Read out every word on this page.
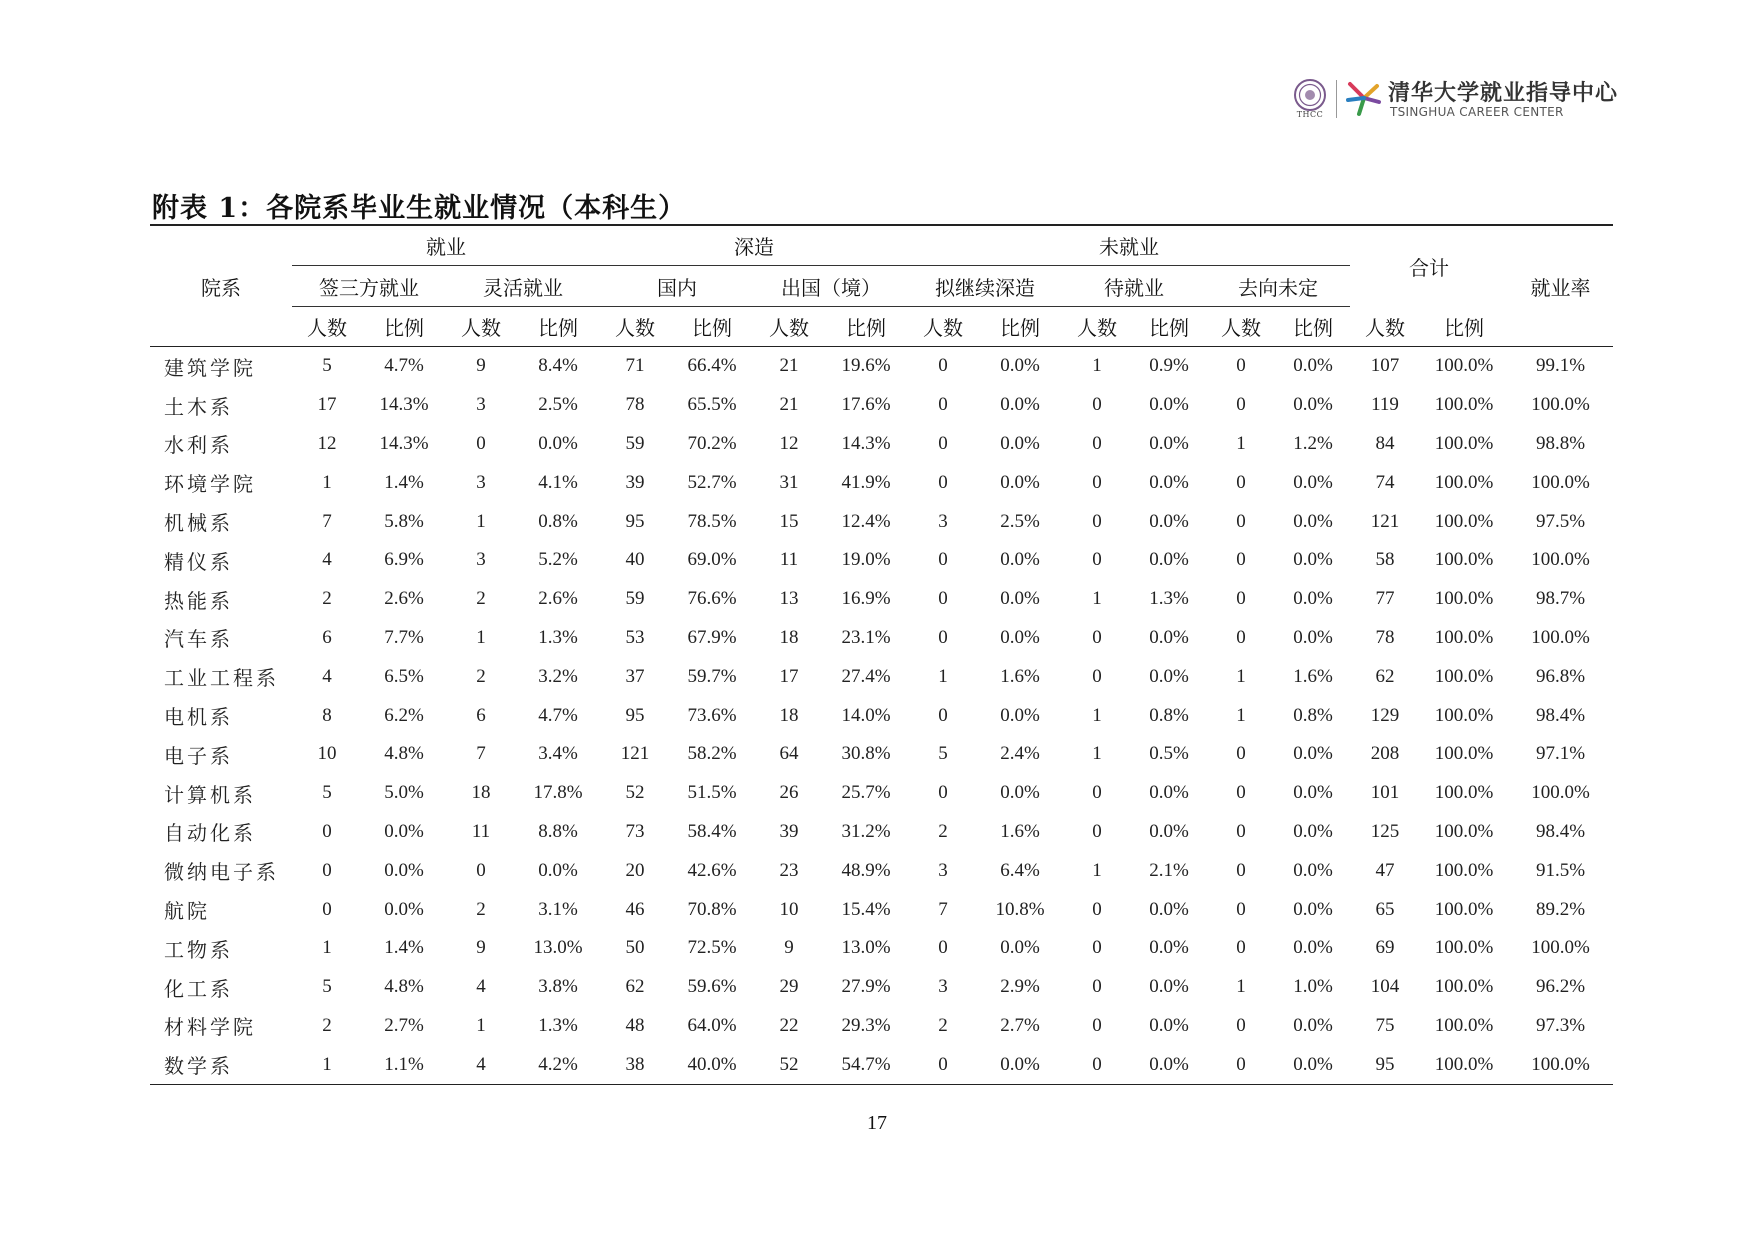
THCC
清华大学就业指导中心
TSINGHUA CAREER CENTER
附表 1：各院系毕业生就业情况（本科生）
院系	就业				深造				未就业						合计		就业率
	签三方就业		灵活就业		国内		出国（境）		拟继续深造		待就业		去向未定				
	人数	比例	人数	比例	人数	比例	人数	比例	人数	比例	人数	比例	人数	比例	人数	比例	
建筑学院	5	4.7%	9	8.4%	71	66.4%	21	19.6%	0	0.0%	1	0.9%	0	0.0%	107	100.0%	99.1%
土木系	17	14.3%	3	2.5%	78	65.5%	21	17.6%	0	0.0%	0	0.0%	0	0.0%	119	100.0%	100.0%
水利系	12	14.3%	0	0.0%	59	70.2%	12	14.3%	0	0.0%	0	0.0%	1	1.2%	84	100.0%	98.8%
环境学院	1	1.4%	3	4.1%	39	52.7%	31	41.9%	0	0.0%	0	0.0%	0	0.0%	74	100.0%	100.0%
机械系	7	5.8%	1	0.8%	95	78.5%	15	12.4%	3	2.5%	0	0.0%	0	0.0%	121	100.0%	97.5%
精仪系	4	6.9%	3	5.2%	40	69.0%	11	19.0%	0	0.0%	0	0.0%	0	0.0%	58	100.0%	100.0%
热能系	2	2.6%	2	2.6%	59	76.6%	13	16.9%	0	0.0%	1	1.3%	0	0.0%	77	100.0%	98.7%
汽车系	6	7.7%	1	1.3%	53	67.9%	18	23.1%	0	0.0%	0	0.0%	0	0.0%	78	100.0%	100.0%
工业工程系	4	6.5%	2	3.2%	37	59.7%	17	27.4%	1	1.6%	0	0.0%	1	1.6%	62	100.0%	96.8%
电机系	8	6.2%	6	4.7%	95	73.6%	18	14.0%	0	0.0%	1	0.8%	1	0.8%	129	100.0%	98.4%
电子系	10	4.8%	7	3.4%	121	58.2%	64	30.8%	5	2.4%	1	0.5%	0	0.0%	208	100.0%	97.1%
计算机系	5	5.0%	18	17.8%	52	51.5%	26	25.7%	0	0.0%	0	0.0%	0	0.0%	101	100.0%	100.0%
自动化系	0	0.0%	11	8.8%	73	58.4%	39	31.2%	2	1.6%	0	0.0%	0	0.0%	125	100.0%	98.4%
微纳电子系	0	0.0%	0	0.0%	20	42.6%	23	48.9%	3	6.4%	1	2.1%	0	0.0%	47	100.0%	91.5%
航院	0	0.0%	2	3.1%	46	70.8%	10	15.4%	7	10.8%	0	0.0%	0	0.0%	65	100.0%	89.2%
工物系	1	1.4%	9	13.0%	50	72.5%	9	13.0%	0	0.0%	0	0.0%	0	0.0%	69	100.0%	100.0%
化工系	5	4.8%	4	3.8%	62	59.6%	29	27.9%	3	2.9%	0	0.0%	1	1.0%	104	100.0%	96.2%
材料学院	2	2.7%	1	1.3%	48	64.0%	22	29.3%	2	2.7%	0	0.0%	0	0.0%	75	100.0%	97.3%
数学系	1	1.1%	4	4.2%	38	40.0%	52	54.7%	0	0.0%	0	0.0%	0	0.0%	95	100.0%	100.0%
17
